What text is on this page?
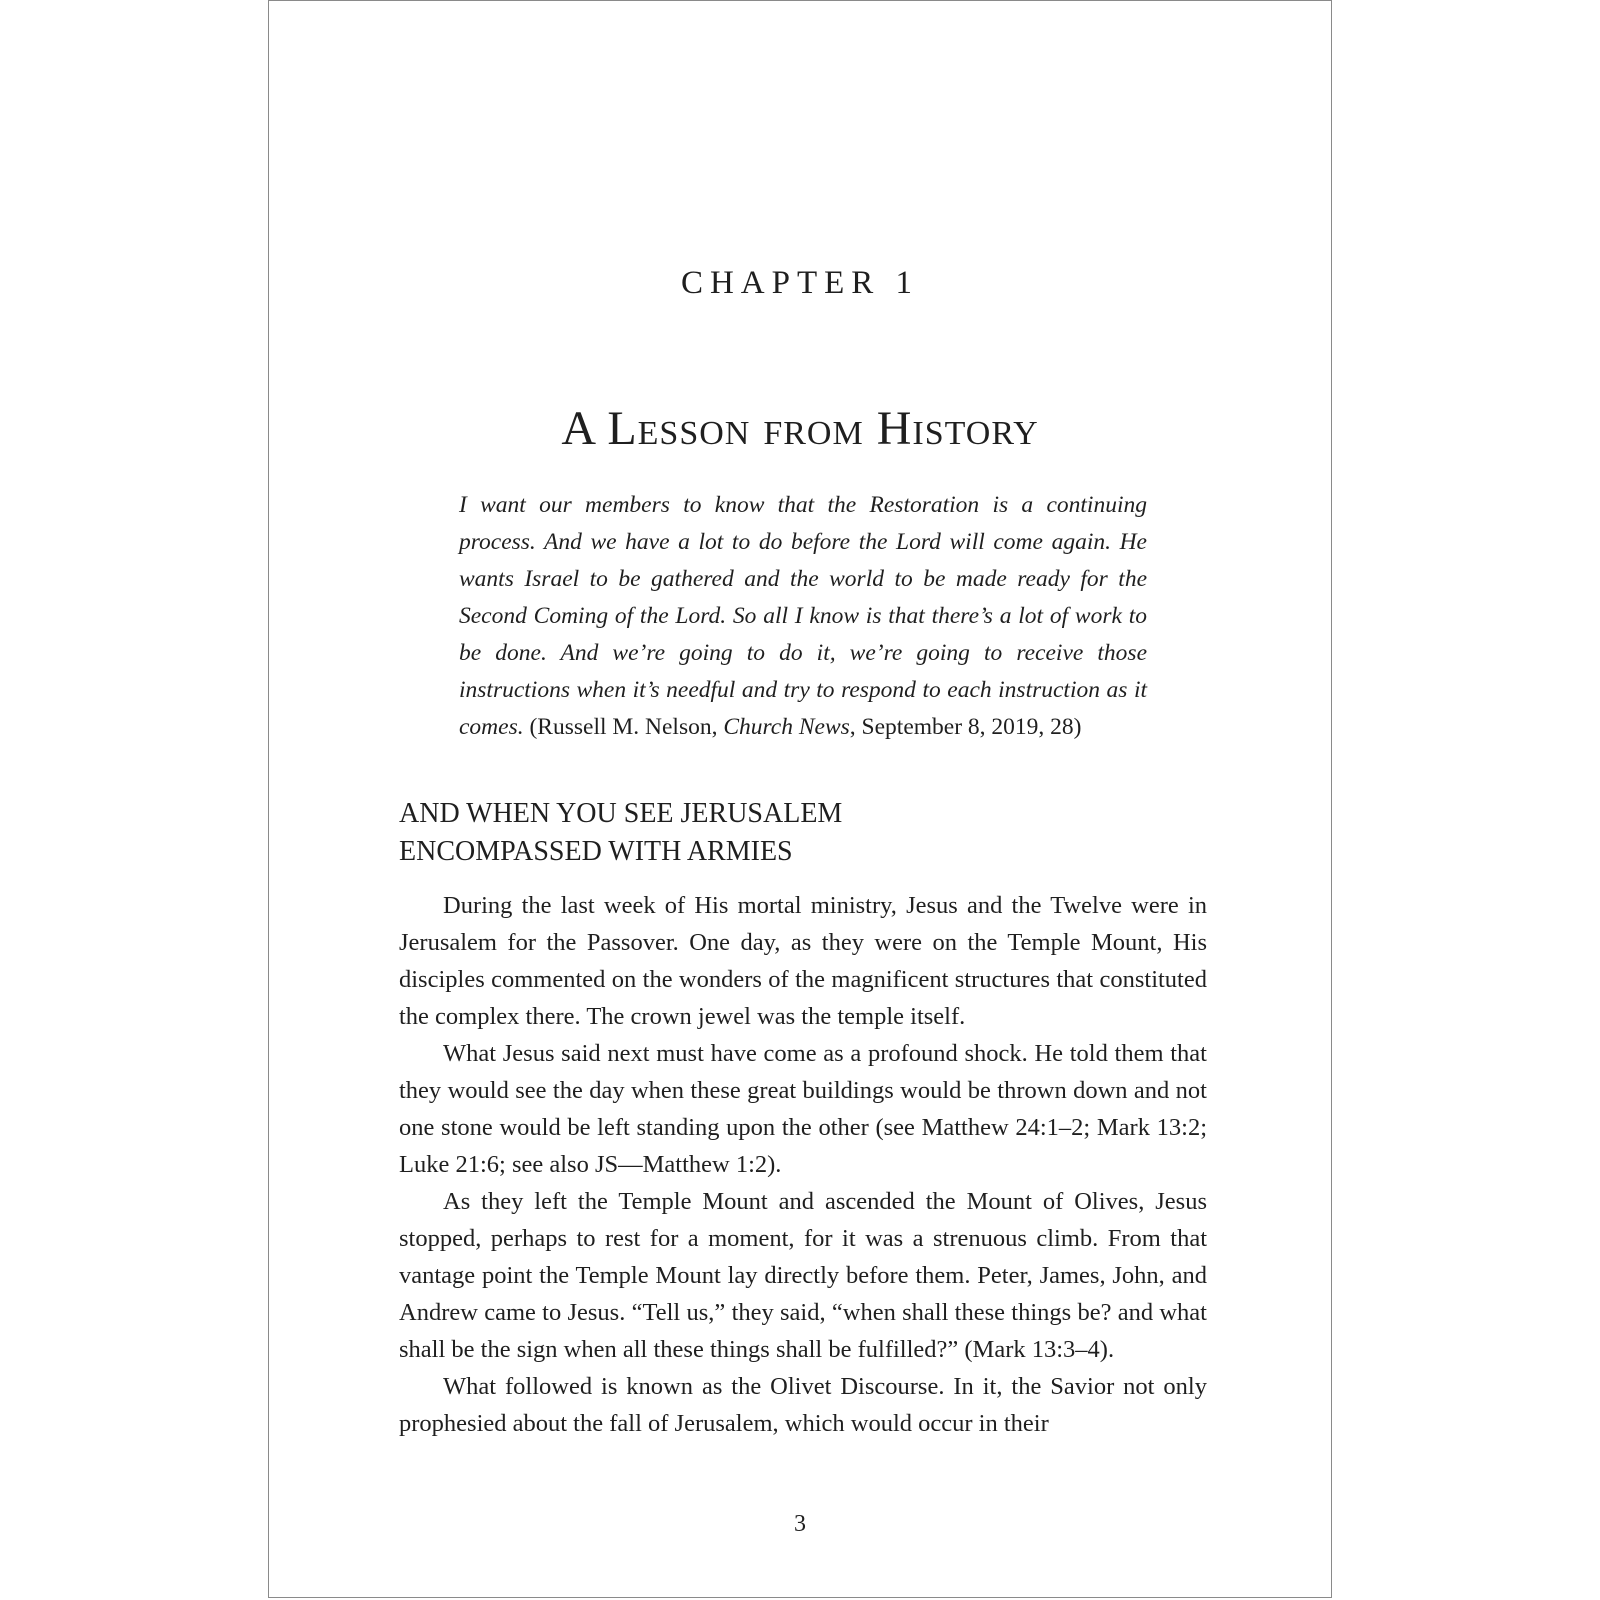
CHAPTER 1
A Lesson from History
I want our members to know that the Restoration is a continuing process. And we have a lot to do before the Lord will come again. He wants Israel to be gathered and the world to be made ready for the Second Coming of the Lord. So all I know is that there’s a lot of work to be done. And we’re going to do it, we’re going to receive those instructions when it’s needful and try to respond to each instruction as it comes. (Russell M. Nelson, Church News, September 8, 2019, 28)
AND WHEN YOU SEE JERUSALEM
ENCOMPASSED WITH ARMIES

During the last week of His mortal ministry, Jesus and the Twelve were in Jerusalem for the Passover. One day, as they were on the Temple Mount, His disciples commented on the wonders of the magnificent structures that constituted the complex there. The crown jewel was the temple itself.

What Jesus said next must have come as a profound shock. He told them that they would see the day when these great buildings would be thrown down and not one stone would be left standing upon the other (see Matthew 24:1–2; Mark 13:2; Luke 21:6; see also JS—Matthew 1:2).

As they left the Temple Mount and ascended the Mount of Olives, Jesus stopped, perhaps to rest for a moment, for it was a strenuous climb. From that vantage point the Temple Mount lay directly before them. Peter, James, John, and Andrew came to Jesus. “Tell us,” they said, “when shall these things be? and what shall be the sign when all these things shall be fulfilled?” (Mark 13:3–4).

What followed is known as the Olivet Discourse. In it, the Savior not only prophesied about the fall of Jerusalem, which would occur in their

3
